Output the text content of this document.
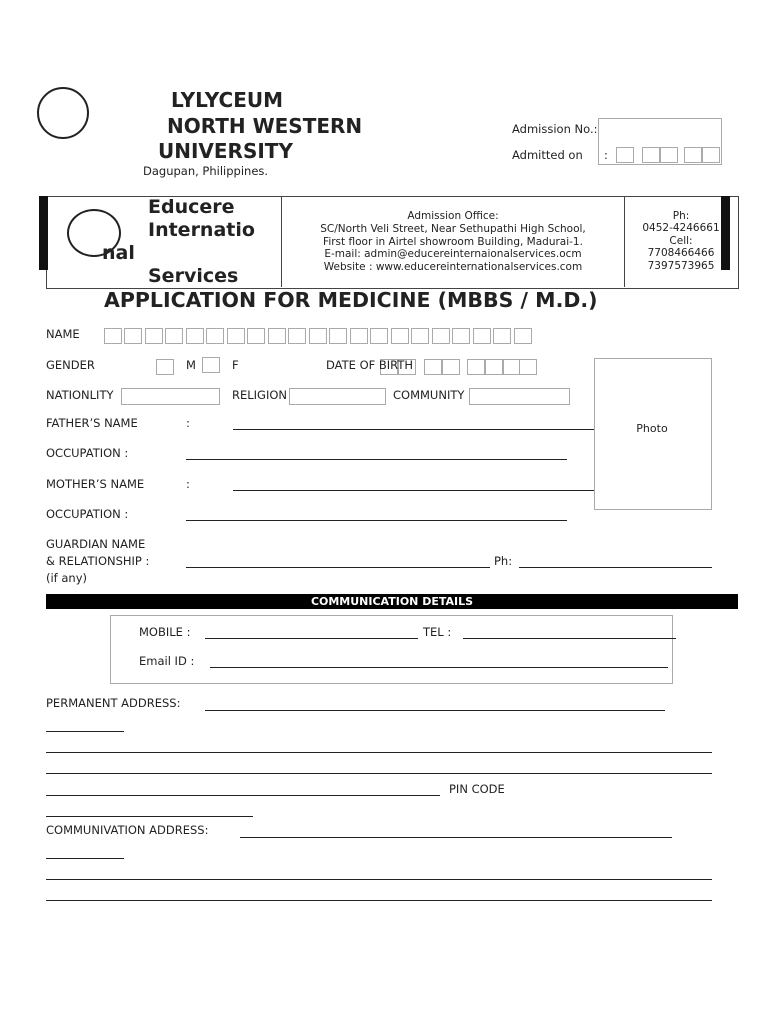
LYLYCEUM
NORTH WESTERN
UNIVERSITY
Dagupan, Philippines.
Admission No.:
Admitted on :
Educere
Internatio
nal
Services
Admission Office:
SC/North Veli Street, Near Sethupathi High School,
First floor in Airtel showroom Building, Madurai-1.
E-mail: admin@educereinternaionalservices.ocm
Website : www.educereinternationalservices.com
Ph:
0452-4246661
Cell:
7708466466
7397573965
APPLICATION FOR MEDICINE (MBBS / M.D.)
NAME
GENDER	M	F	DATE OF BIRTH
NATIONLITY	RELIGION	COMMUNITY
Photo
FATHER’S NAME	:
OCCUPATION :
MOTHER’S NAME	:
OCCUPATION :
GUARDIAN NAME
& RELATIONSHIP :
(if any)
Ph:
COMMUNICATION DETAILS
MOBILE :	TEL :
Email ID :
PERMANENT ADDRESS:
PIN CODE
COMMUNIVATION ADDRESS:
